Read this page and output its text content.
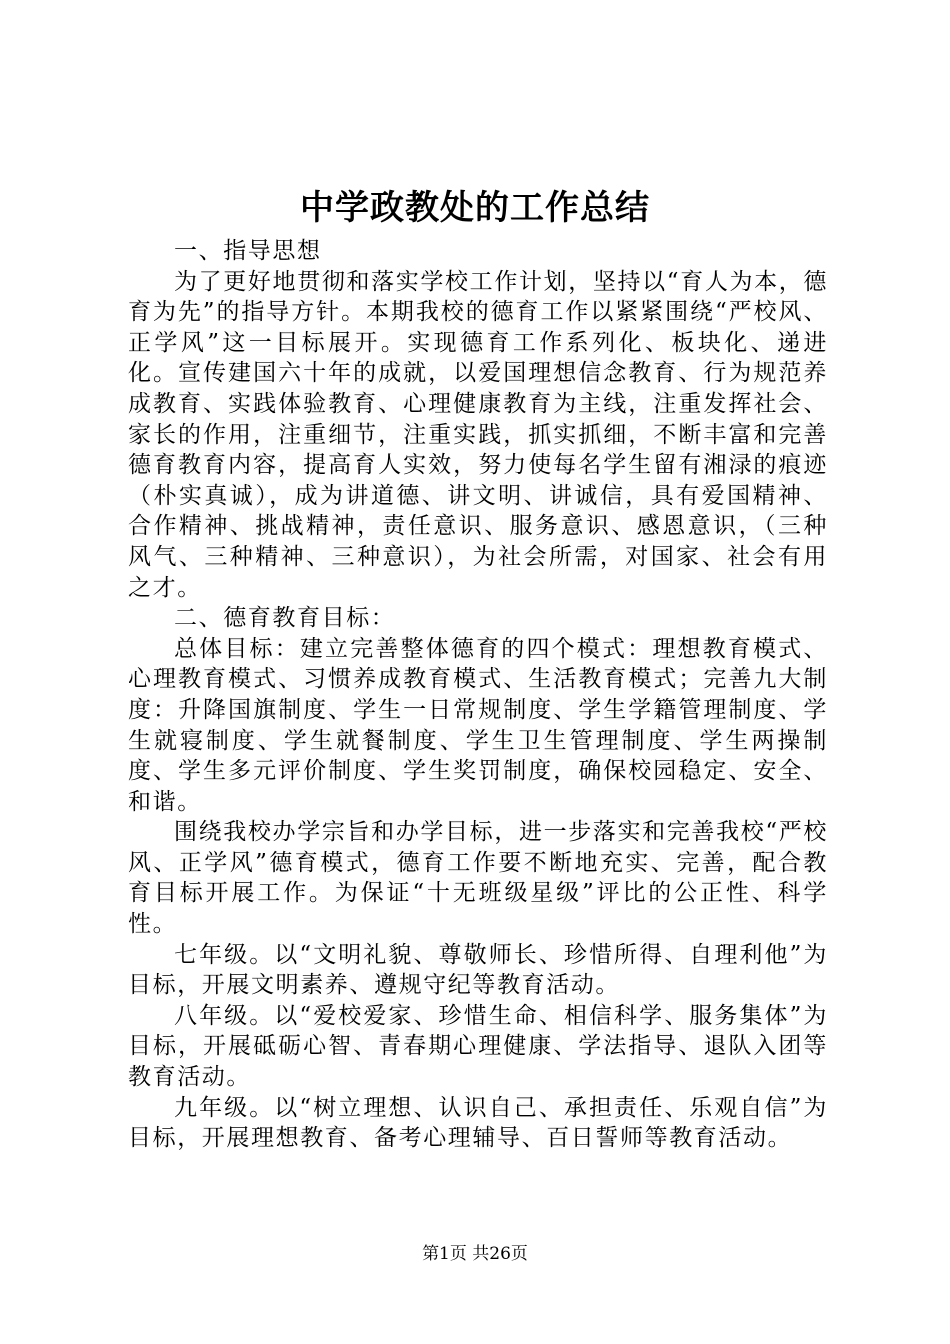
中学政教处的工作总结

一、指导思想

为了更好地贯彻和落实学校工作计划，坚持以“育人为本，德育为先”的指导方针。本期我校的德育工作以紧紧围绕“严校风、正学风”这一目标展开。实现德育工作系列化、板块化、递进化。宣传建国六十年的成就，以爱国理想信念教育、行为规范养成教育、实践体验教育、心理健康教育为主线，注重发挥社会、家长的作用，注重细节，注重实践，抓实抓细，不断丰富和完善德育教育内容，提高育人实效，努力使每名学生留有湘渌的痕迹（朴实真诚），成为讲道德、讲文明、讲诚信，具有爱国精神、合作精神、挑战精神，责任意识、服务意识、感恩意识，（三种风气、三种精神、三种意识），为社会所需，对国家、社会有用之才。

二、德育教育目标：

总体目标：建立完善整体德育的四个模式：理想教育模式、心理教育模式、习惯养成教育模式、生活教育模式；完善九大制度：升降国旗制度、学生一日常规制度、学生学籍管理制度、学生就寝制度、学生就餐制度、学生卫生管理制度、学生两操制度、学生多元评价制度、学生奖罚制度，确保校园稳定、安全、和谐。

围绕我校办学宗旨和办学目标，进一步落实和完善我校“严校风、正学风”德育模式，德育工作要不断地充实、完善，配合教育目标开展工作。为保证“十无班级星级”评比的公正性、科学性。

七年级。以“文明礼貌、尊敬师长、珍惜所得、自理利他”为目标，开展文明素养、遵规守纪等教育活动。

八年级。以“爱校爱家、珍惜生命、相信科学、服务集体”为目标，开展砥砺心智、青春期心理健康、学法指导、退队入团等教育活动。

九年级。以“树立理想、认识自己、承担责任、乐观自信”为目标，开展理想教育、备考心理辅导、百日誓师等教育活动。

第1页 共26页
